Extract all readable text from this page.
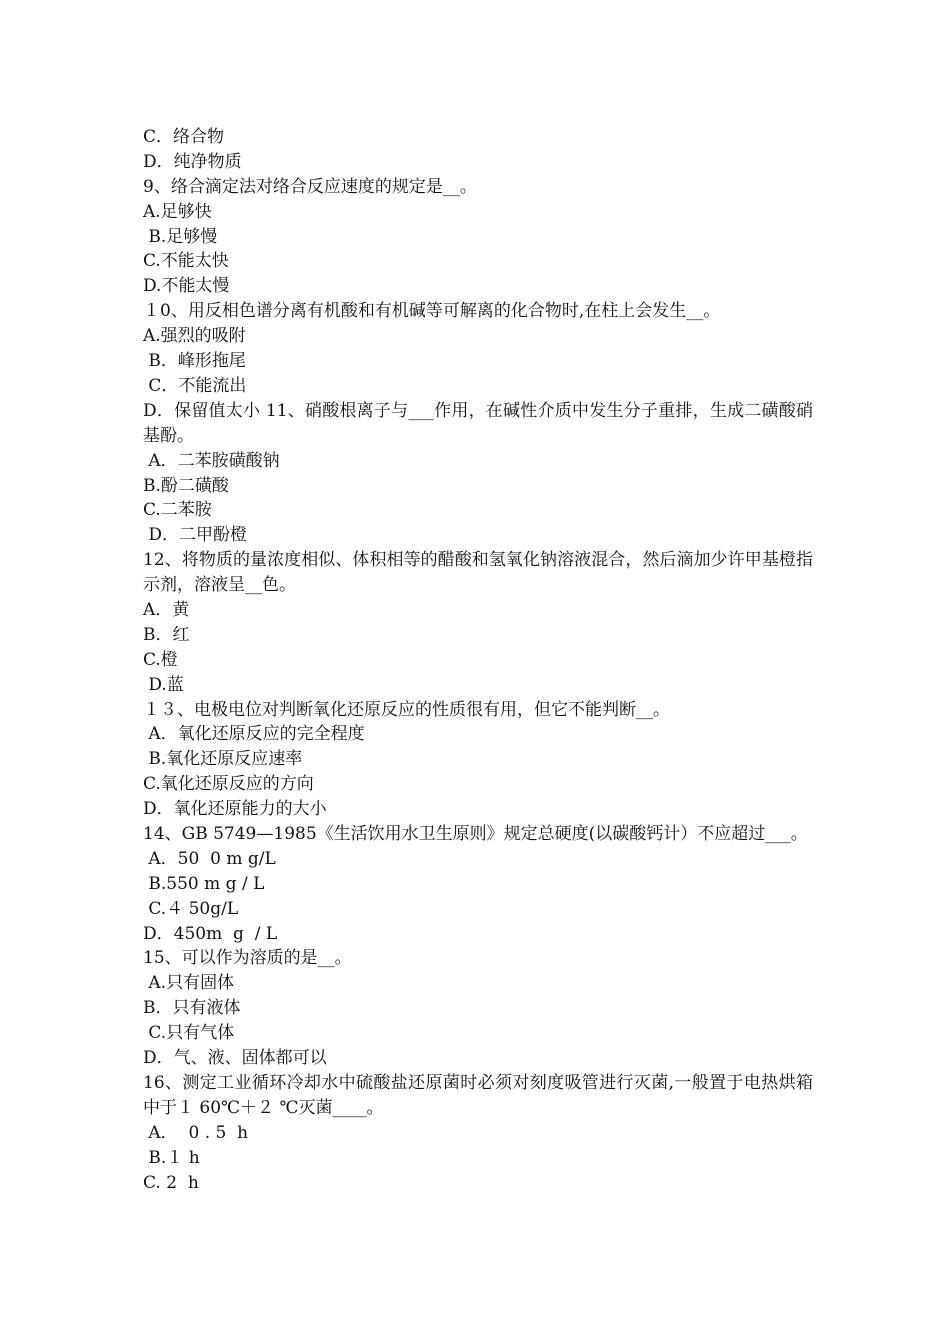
C．络合物
D．纯净物质
9、络合滴定法对络合反应速度的规定是__。
A.足够快
B.足够慢
C.不能太快
D.不能太慢
１0、用反相色谱分离有机酸和有机碱等可解离的化合物时,在柱上会发生__。
A.强烈的吸附
B．峰形拖尾
C．不能流出
D．保留值太小 11、硝酸根离子与___作用，在碱性介质中发生分子重排，生成二磺酸硝基酚。
A．二苯胺磺酸钠
B.酚二磺酸
C.二苯胺
D．二甲酚橙
12、将物质的量浓度相似、体积相等的醋酸和氢氧化钠溶液混合，然后滴加少许甲基橙指示剂，溶液呈__色。
A．黄
B．红
C.橙
D.蓝
１３、电极电位对判断氧化还原反应的性质很有用，但它不能判断__。
A．氧化还原反应的完全程度
B.氧化还原反应速率
C.氧化还原反应的方向
D．氧化还原能力的大小
14、GB 5749—1985《生活饮用水卫生原则》规定总硬度(以碳酸钙计）不应超过___。
A．50  0 m g/L
B.550 m g / L
C.４ 50g/L
D．450m  g  / L
15、可以作为溶质的是__。
A.只有固体
B．只有液体
C.只有气体
D．气、液、固体都可以
16、测定工业循环冷却水中硫酸盐还原菌时必须对刻度吸管进行灭菌,一般置于电热烘箱中于１ 60℃＋２ ℃灭菌____。
A．  0 . 5  h
B.１ h
C. 2  h
